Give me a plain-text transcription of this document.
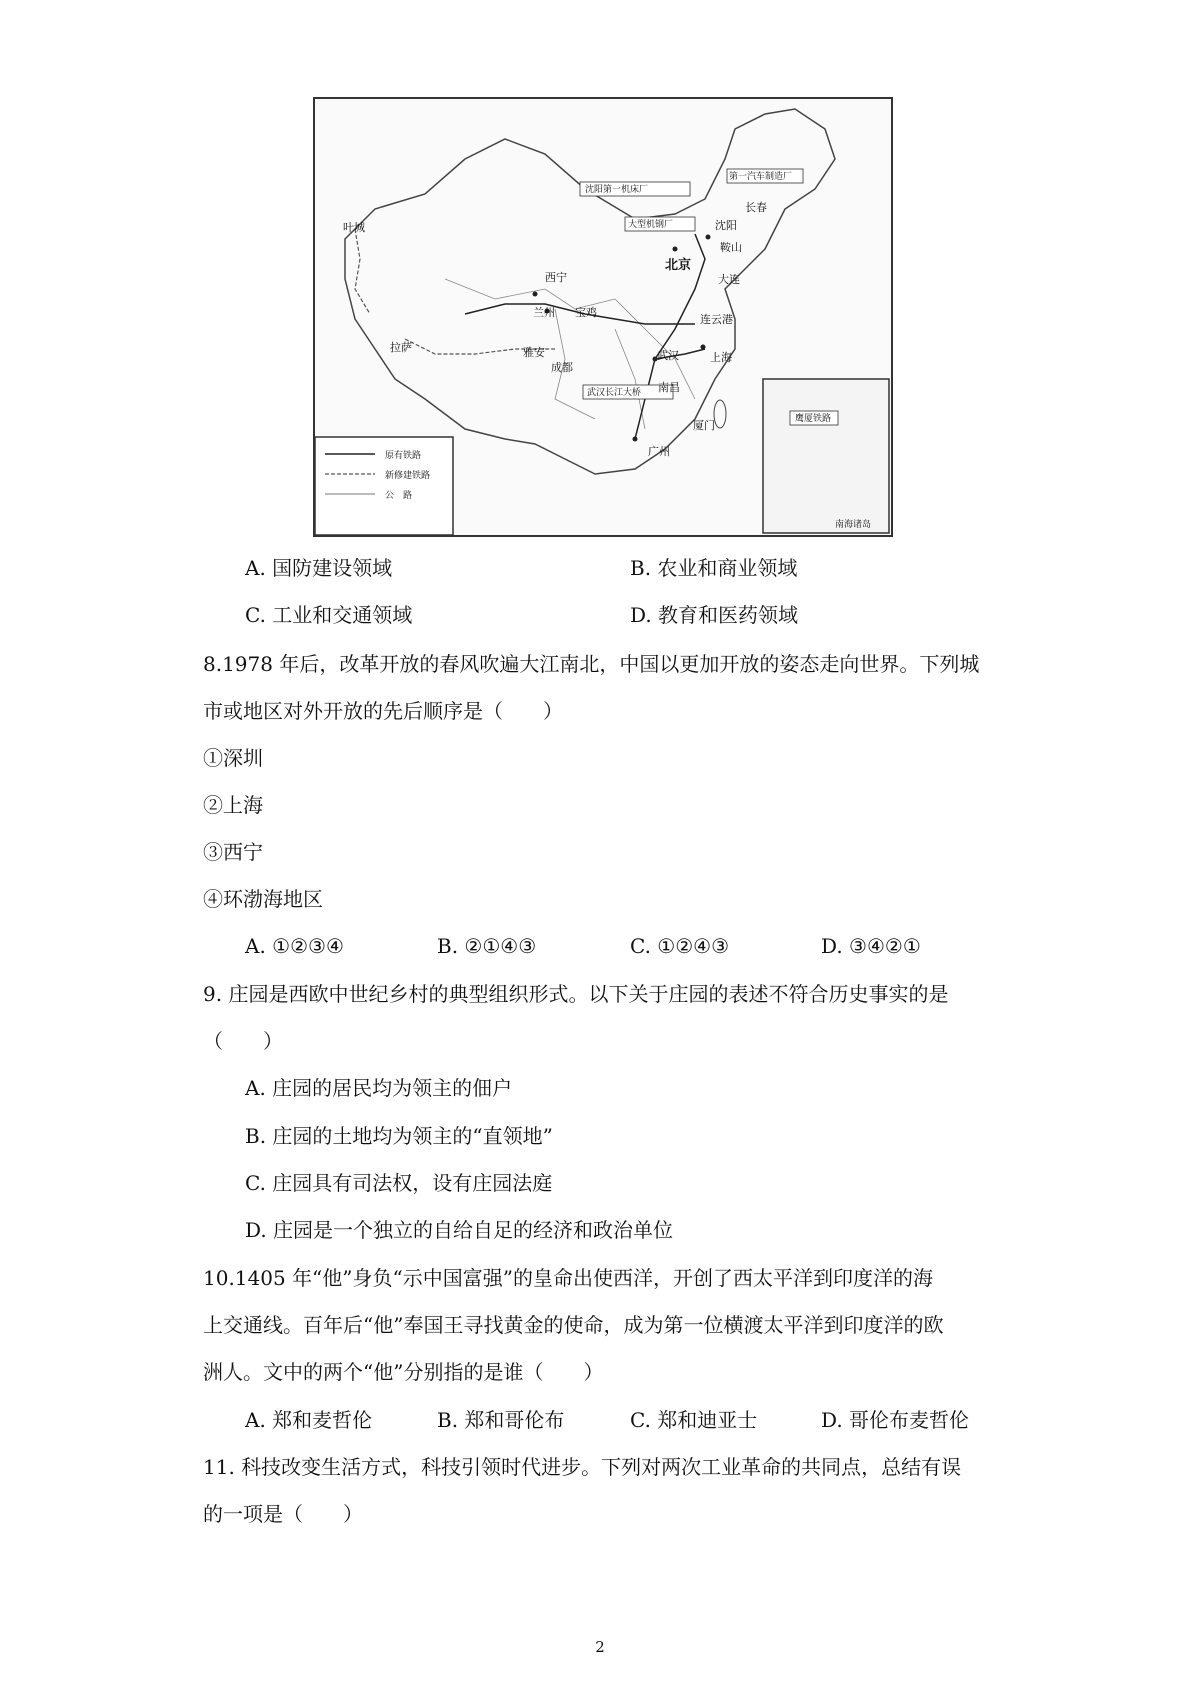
叶城
西宁
兰州 宝鸡
拉萨	雅安
成都
北京
沈阳
长春
鞍山
大连
连云港
武汉	上海
南昌
厦门
广州
第一汽车制造厂
沈阳第一机床厂
大型机钢厂
武汉长江大桥
鹰厦铁路
南海诸岛
原有铁路
新修建铁路
公　路
A. 国防建设领域	B. 农业和商业领域
C. 工业和交通领域	D. 教育和医药领域
8.1978 年后，改革开放的春风吹遍大江南北，中国以更加开放的姿态走向世界。下列城
市或地区对外开放的先后顺序是（　　）
①深圳
②上海
③西宁
④环渤海地区
A. ①②③④	B. ②①④③	C. ①②④③	D. ③④②①
9. 庄园是西欧中世纪乡村的典型组织形式。以下关于庄园的表述不符合历史事实的是
（　　）
A. 庄园的居民均为领主的佃户
B. 庄园的土地均为领主的“直领地”
C. 庄园具有司法权，设有庄园法庭
D. 庄园是一个独立的自给自足的经济和政治单位
10.1405 年“他”身负“示中国富强”的皇命出使西洋，开创了西太平洋到印度洋的海
上交通线。百年后“他”奉国王寻找黄金的使命，成为第一位横渡太平洋到印度洋的欧
洲人。文中的两个“他”分别指的是谁（　　）
A. 郑和麦哲伦	B. 郑和哥伦布	C. 郑和迪亚士	D. 哥伦布麦哲伦
11. 科技改变生活方式，科技引领时代进步。下列对两次工业革命的共同点，总结有误
的一项是（　　）
2
